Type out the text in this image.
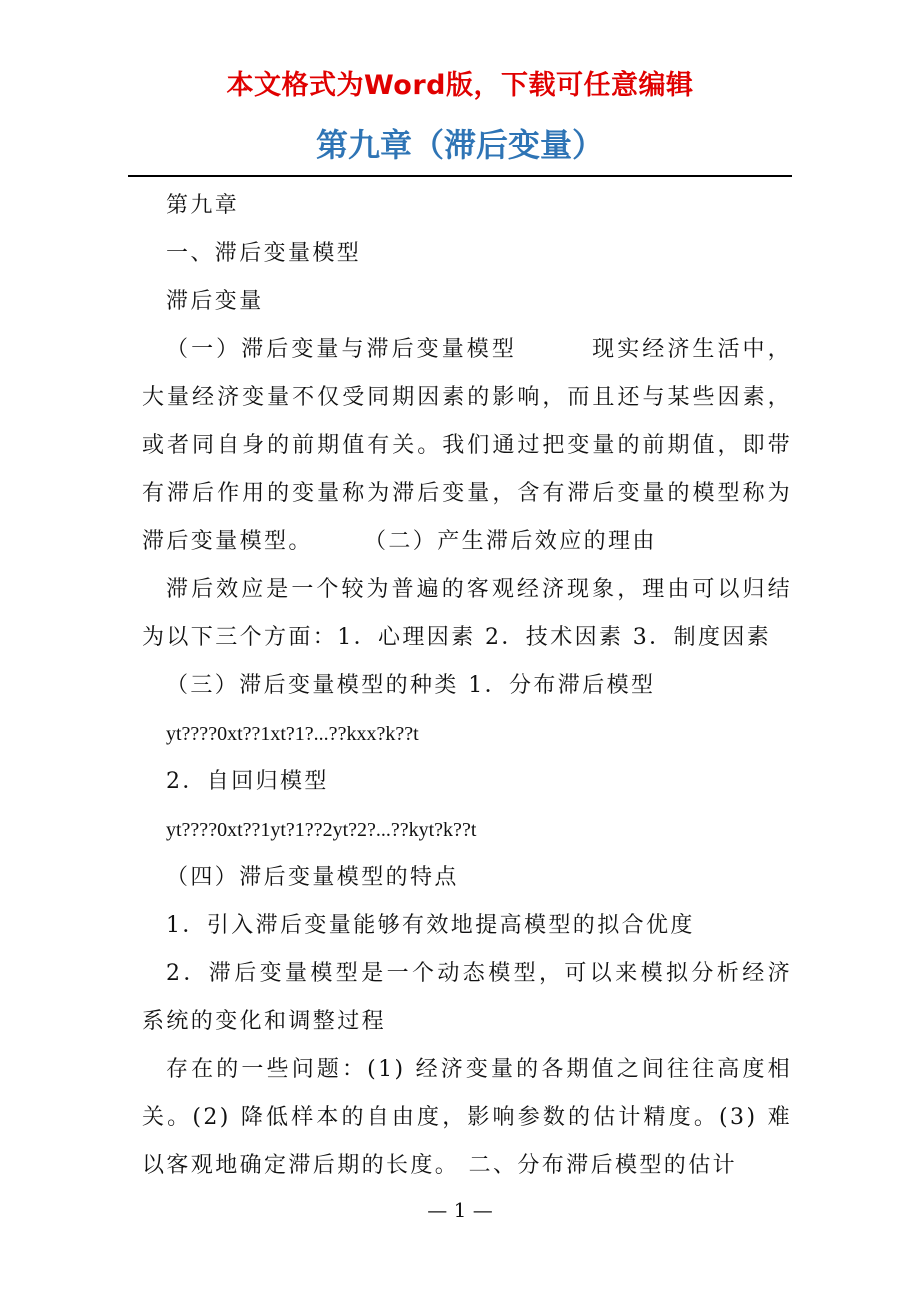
本文格式为Word版，下载可任意编辑
第九章（滞后变量）

第九章

一、滞后变量模型

滞后变量

（一）滞后变量与滞后变量模型　　　现实经济生活中，大量经济变量不仅受同期因素的影响，而且还与某些因素，或者同自身的前期值有关。我们通过把变量的前期值，即带有滞后作用的变量称为滞后变量，含有滞后变量的模型称为滞后变量模型。　　　（二）产生滞后效应的理由

滞后效应是一个较为普遍的客观经济现象，理由可以归结为以下三个方面：1．心理因素 2．技术因素 3．制度因素

（三）滞后变量模型的种类 1．分布滞后模型

yt????0xt??1xt?1?...??kxx?k??t

2．自回归模型

yt????0xt??1yt?1??2yt?2?...??kyt?k??t

（四）滞后变量模型的特点

1．引入滞后变量能够有效地提高模型的拟合优度

2．滞后变量模型是一个动态模型，可以来模拟分析经济系统的变化和调整过程

存在的一些问题：(1) 经济变量的各期值之间往往高度相关。(2) 降低样本的自由度，影响参数的估计精度。(3) 难以客观地确定滞后期的长度。 二、分布滞后模型的估计

— 1 —
